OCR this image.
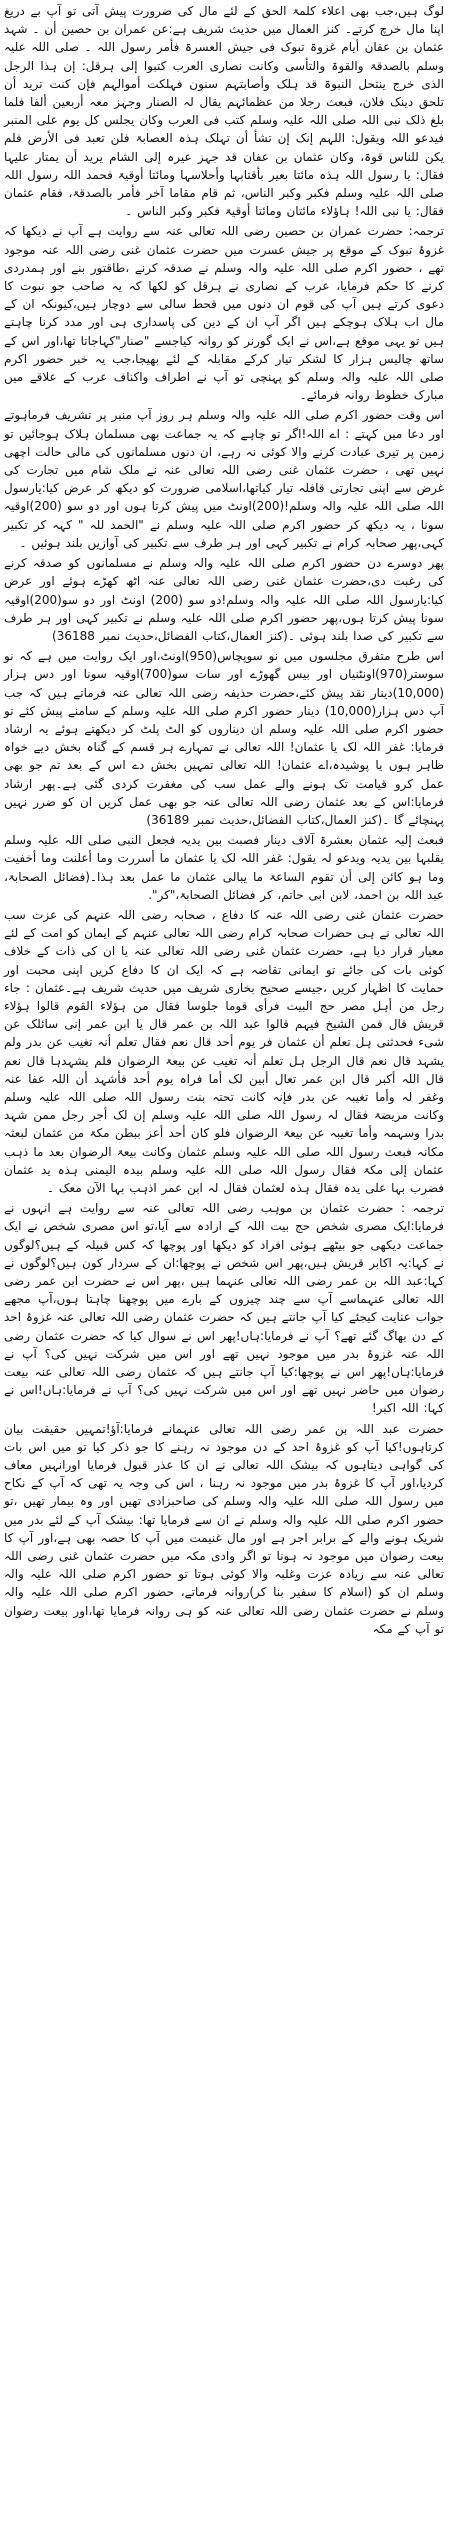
لوگ ہیں،جب بھی اعلاء کلمۃ الحق کے لئے مال کی ضرورت پیش آتی تو آپ بے دریغ اپنا مال خرچ کرتے۔ کنز العمال میں حدیث شریف ہے:عن عمران بن حصین أن ۔ شہد عثمان بن عفان أیام غزوۃ تبوک فی جیش العسرۃ فأمر رسول اللہ ۔ صلی اللہ علیہ وسلم بالصدقۃ والقوۃ والتأسی وکانت نصاری العرب کتبوا إلی ہرقل: إن ہذا الرجل الذی خرج ینتحل النبوۃ قد ہلک وأصابتہم سنون فہلکت أموالہم فإن کنت ترید أن تلحق دینک فلان، فبعث رجلا من عظمائہم یقال لہ الصنار وجہز معہ أربعین ألفا فلما بلغ ذلک نبی اللہ صلی اللہ علیہ وسلم کتب فی العرب وکان یجلس کل یوم علی المنبر فیدعو اللہ ویقول: اللہم إنک إن تشأ أن تہلک ہذہ العصابۃ فلن تعبد فی الأرض فلم یکن للناس قوۃ، وکان عثمان بن عفان قد جہز عیرہ إلی الشام یرید أن یمتار علیہا فقال: یا رسول اللہ ہذہ مائتا بعیر بأقتابہا وأحلاسہا ومائتا أوقیۃ فحمد اللہ رسول اللہ صلی اللہ علیہ وسلم فکبر وکبر الناس، ثم قام مقاما آخر فأمر بالصدقۃ، فقام عثمان فقال: یا نبی اللہ! ہاؤلاء مائتان ومائتا أوقیۃ فکبر وکبر الناس ۔

ترجمہ: حضرت عمران بن حصین رضی اللہ تعالی عنہ سے روایت ہے آپ نے دیکھا کہ غزوۂ تبوک کے موقع پر جیش عسرت میں حضرت عثمان غنی رضی اللہ عنہ موجود تھے ، حضور اکرم صلی اللہ علیہ والہ وسلم نے صدقہ کرنے ،طاقتور بنے اور ہمدردی کرنے کا حکم فرمایا، عرب کے نصاری نے ہرقل کو لکھا کہ یہ صاحب جو نبوت کا دعوی کرتے ہیں آپ کی قوم ان دنوں میں قحط سالی سے دوچار ہیں،کیونکہ ان کے مال اب ہلاک ہوچکے ہیں اگر آپ ان کے دین کی پاسداری ہی اور مدد کرنا چاہتے ہیں تو یہی موقع ہے،اس نے ایک گورنر کو روانہ کیاجسے "صنار"کہاجاتا تھا،اور اس کے ساتھ چالیس ہزار کا لشکر تیار کرکے مقابلہ کے لئے بھیجا،جب یہ خبر حضور اکرم صلی اللہ علیہ والہ وسلم کو پہنچی تو آپ نے اطراف واکناف عرب کے علاقے میں مبارک خطوط روانہ فرمائے۔

اس وقت حضور اکرم صلی اللہ علیہ والہ وسلم ہر روز آپ منبر پر تشریف فرماہوتے اور دعا میں کہتے : اے اللہ!اگر تو چاہے کہ یہ جماعت بھی مسلمان ہلاک ہوجائیں تو زمین پر تیری عبادت کرنے والا کوئی نہ رہے، ان دنوں مسلمانوں کی مالی حالت اچھی نہیں تھی ، حضرت عثمان غنی رضی اللہ تعالی عنہ نے ملک شام میں تجارت کی غرض سے اپنی تجارتی قافلہ تیار کیاتھا،اسلامی ضرورت کو دیکھ کر عرض کیا:یارسول اللہ صلی اللہ علیہ والہ وسلم!(200)اونٹ میں پیش کرتا ہوں اور دو سو (200)اوقیہ سونا ، یہ دیکھ کر حضور اکرم صلی اللہ علیہ وسلم نے "الحمد للہ " کہہ کر تکبیر کہی،پھر صحابہ کرام نے تکبیر کہی اور ہر طرف سے تکبیر کی آوازیں بلند ہوئیں ۔

پھر دوسرے دن حضور اکرم صلی اللہ علیہ والہ وسلم نے مسلمانوں کو صدقہ کرنے کی رغبت دی،حضرت عثمان غنی رضی اللہ تعالی عنہ اٹھ کھڑے ہوئے اور عرض کیا:یارسول اللہ صلی اللہ علیہ والہ وسلم!دو سو (200) اونٹ اور دو سو(200)اوقیہ سونا پیش کرتا ہوں،پھر حضور اکرم صلی اللہ علیہ وسلم نے تکبیر کہی اور ہر طرف سے تکبیر کی صدا بلند ہوئی ۔(کنز العمال،کتاب الفضائل،حدیث نمبر 36188)

اس طرح متفرق مجلسوں میں نو سوپچاس(950)اونٹ،اور ایک روایت میں ہے کہ نو سوستر(970)اونٹنیاں اور بیس گھوڑے اور سات سو(700)اوقیہ سونا اور دس ہزار (10,000)دینار نقد پیش کئے،حضرت حذیفہ رضی اللہ تعالی عنہ فرماتے ہیں کہ جب آپ دس ہزار(10,000) دینار حضور اکرم صلی اللہ علیہ وسلم کے سامنے پیش کئے تو حضور اکرم صلی اللہ علیہ وسلم ان دیناروں کو الٹ پلٹ کر دیکھتے ہوئے یہ ارشاد فرمایا: غفر اللہ لک یا عثمان! اللہ تعالی نے تمہارے ہر قسم کے گناہ بخش دیے خواہ ظاہر ہوں یا پوشیدہ،اے عثمان! اللہ تعالی تمہیں بخش دے اس کے بعد تم جو بھی عمل کرو قیامت تک ہونے والے عمل سب کی مغفرت کردی گئی ہے۔پھر ارشاد فرمایا:اس کے بعد عثمان رضی اللہ تعالی عنہ جو بھی عمل کریں ان کو ضرر نہیں پہنچائے گا ۔(کنز العمال،کتاب الفضائل،حدیث نمبر 36189)

فبعث إلیہ عثمان بعشرۃ آلاف دینار فصبت بین یدیہ فجعل النبی صلی اللہ علیہ وسلم یقلبہا بین یدیہ ویدعو لہ یقول: غفر اللہ لک یا عثمان ما أسررت وما أعلنت وما أخفیت وما ہو کائن إلی أن تقوم الساعۃ ما یبالی عثمان ما عمل بعد ہذا۔(فضائل الصحابۃ، عبد اللہ بن احمد، لابن ابی حاتم، کر فضائل الصحابۃ،"کر".

حضرت عثمان غنی رضی اللہ عنہ کا دفاع ، صحابہ رضی اللہ عنہم کی عزت سب اللہ تعالی نے ہی حضرات صحابہ کرام رضی اللہ تعالی عنہم کے ایمان کو امت کے لئے معیار قرار دیا ہے، حضرت عثمان غنی رضی اللہ تعالی عنہ یا ان کی ذات کے خلاف کوئی بات کی جائے تو ایمانی تقاضہ ہے کہ ایک ان کا دفاع کریں اپنی محبت اور حمایت کا اظہار کریں ،جیسے صحیح بخاری شریف میں حدیث شریف ہے۔عثمان : جاء رجل من أہل مصر حج البیت فرأی قوما جلوسا فقال من ہؤلاء القوم قالوا ہؤلاء قریش قال فمن الشیخ فیہم قالوا عبد اللہ بن عمر قال یا ابن عمر إنی سائلک عن شیء فحدثنی ہل تعلم أن عثمان فر یوم أحد قال نعم فقال تعلم أنہ تغیب عن بدر ولم یشہد قال نعم قال الرجل ہل تعلم أنہ تغیب عن بیعۃ الرضوان فلم یشہدہا قال نعم قال اللہ أکبر قال ابن عمر تعال أبین لک أما فراہ یوم أحد فأشہد أن اللہ عفا عنہ وغفر لہ وأما تغیبہ عن بدر فإنہ کانت تحتہ بنت رسول اللہ صلی اللہ علیہ وسلم وکانت مریضۃ فقال لہ رسول اللہ صلی اللہ علیہ وسلم إن لک أجر رجل ممن شہد بدرا وسہمہ وأما تغیبہ عن بیعۃ الرضوان فلو کان أحد أعز ببطن مکۃ من عثمان لبعثہ مکانہ فبعث رسول اللہ صلی اللہ علیہ وسلم عثمان وکانت بیعۃ الرضوان بعد ما ذہب عثمان إلی مکۃ فقال رسول اللہ صلی اللہ علیہ وسلم بیدہ الیمنی ہذہ ید عثمان فضرب بہا علی یدہ فقال ہذہ لعثمان فقال لہ ابن عمر اذہب بہا الآن معک ۔

ترجمہ : حضرت عثمان بن موہب رضی اللہ تعالی عنہ سے روایت ہے انہوں نے فرمایا:ایک مصری شخص حج بیت اللہ کے ارادہ سے آیا،تو اس مصری شخص نے ایک جماعت دیکھی جو بیٹھے ہوئی افراد کو دیکھا اور پوچھا کہ کس قبیلہ کے ہیں؟لوگوں نے کہا:یہ اکابر قریش ہیں،پھر اس شخص نے پوچھا:ان کے سردار کون ہیں؟لوگوں نے کہا:عبد اللہ بن عمر رضی اللہ تعالی عنہما ہیں ،پھر اس نے حضرت ابن عمر رضی اللہ تعالی عنہماسے آپ سے چند چیزوں کے بارے میں پوچھنا چاہتا ہوں،آپ مجھے جواب عنایت کیجئے کیا آپ جانتے ہیں کہ حضرت عثمان رضی اللہ تعالی عنہ غزوۂ احد کے دن بھاگ گئے تھے؟ آپ نے فرمایا:ہاں!پھر اس نے سوال کیا کہ حضرت عثمان رضی اللہ عنہ غزوۂ بدر میں موجود نہیں تھے اور اس میں شرکت نہیں کی؟ آپ نے فرمایا:ہاں!پھر اس نے پوچھا:کیا آپ جانتے ہیں کہ عثمان رضی اللہ تعالی عنہ بیعت رضوان میں حاضر نہیں تھے اور اس میں شرکت نہیں کی؟ آپ نے فرمایا:ہاں!اس نے کہا: اللہ اکبر!

حضرت عبد اللہ بن عمر رضی اللہ تعالی عنہمانے فرمایا:آؤ!تمہیں حقیقت بیان کرتاہوں!کیا آپ کو غزوۂ احد کے دن موجود نہ رہنے کا جو ذکر کیا تو میں اس بات کی گواہی دیتاہوں کہ بیشک اللہ تعالی نے ان کا عذر قبول فرمایا اورانہیں معاف کردیا،اور آپ کا غزوۂ بدر میں موجود نہ رہنا ، اس کی وجہ یہ تھی کہ آپ کے نکاح میں رسول اللہ صلی اللہ علیہ والہ وسلم کی صاحبزادی تھیں اور وہ بیمار تھیں ،تو حضور اکرم صلی اللہ علیہ والہ وسلم نے ان سے فرمایا تھا: بیشک آپ کے لئے بدر میں شریک ہونے والے کے برابر اجر ہے اور مال غنیمت میں آپ کا حصہ بھی ہے،اور آپ کا بیعت رضوان میں موجود نہ ہونا تو اگر وادی مکہ میں حضرت عثمان غنی رضی اللہ تعالی عنہ سے زیادہ عزت وغلبہ والا کوئی ہوتا تو حضور اکرم صلی اللہ علیہ والہ وسلم ان کو (اسلام کا سفیر بنا کر)روانہ فرماتے، حضور اکرم صلی اللہ علیہ والہ وسلم نے حضرت عثمان رضی اللہ تعالی عنہ کو ہی روانہ فرمایا تھا،اور بیعت رضوان تو آپ کے مکہ
